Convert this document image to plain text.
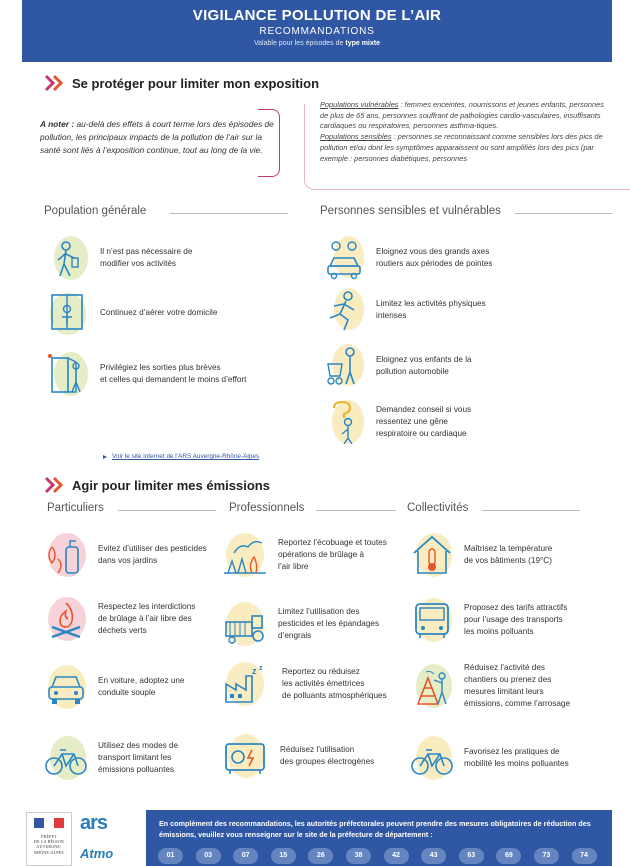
VIGILANCE POLLUTION DE L’AIR
RECOMMANDATIONS
Valable pour les épisodes de type mixte
Se protéger pour limiter mon exposition
A noter : au-delà des effets à court terme lors des épisodes de pollution, les principaux impacts de la pollution de l’air sur la santé sont liés à l’exposition continue, tout au long de la vie.
Populations vulnérables : femmes enceintes, nourrissons et jeunes enfants, personnes de plus de 65 ans, personnes souffrant de pathologies cardio-vasculaires, insuffisants cardiaques ou respiratoires, personnes asthma-tiques.
Populations sensibles : personnes se reconnaissant comme sensibles lors des pics de pollution et/ou dont les symptômes apparaissent ou sont amplifiés lors des pics (par exemple : personnes diabétiques, personnes
Population générale	Personnes sensibles et vulnérables
Il n’est pas nécessaire de
modifier vos activités
Continuez d’aérer votre domicile
Privilégiez les sorties plus brèves
et celles qui demandent le moins d’effort
Eloignez vous des grands axes
routiers aux périodes de pointes
Limitez les activités physiques
intenses
Eloignez vos enfants de la
pollution automobile
Demandez conseil si vous
ressentez une gêne
respiratoire ou cardiaque
Voir le site internet de l’ARS Auvergne-Rhône-Alpes
Agir pour limiter mes émissions
Particuliers	Professionnels	Collectivités
Evitez d’utiliser des pesticides
dans vos jardins
Respectez les interdictions
de brûlage à l’air libre des
déchets verts
En voiture, adoptez une
conduite souple
Utilisez des modes de
transport limitant les
émissions polluantes
Reportez l’écobuage et toutes
opérations de brûlage à
l’air libre
Limitez l’utilisation des
pesticides et les épandages
d’engrais
z z Reportez ou réduisez
les activités émettrices
de polluants atmosphériques
Réduisez l’utilisation
des groupes électrogènes
Maîtrisez la température
de vos bâtiments (19°C)
Proposez des tarifs attractifs
pour l’usage des transports
les moins polluants
Réduisez l’activité des
chantiers ou prenez des
mesures limitant leurs
émissions, comme l’arrosage
Favorisez les pratiques de
mobilité les moins polluantes
PRÉFET
DE LA RÉGION
AUVERGNE-
RHÔNE-ALPES
ars
Atmo
En complément des recommandations, les autorités préfectorales peuvent prendre des mesures obligatoires de réduction des émissions, veuillez vous renseigner sur le site de la préfecture de département :
01	03	07	15	26	38	42	43	63	69	73	74
